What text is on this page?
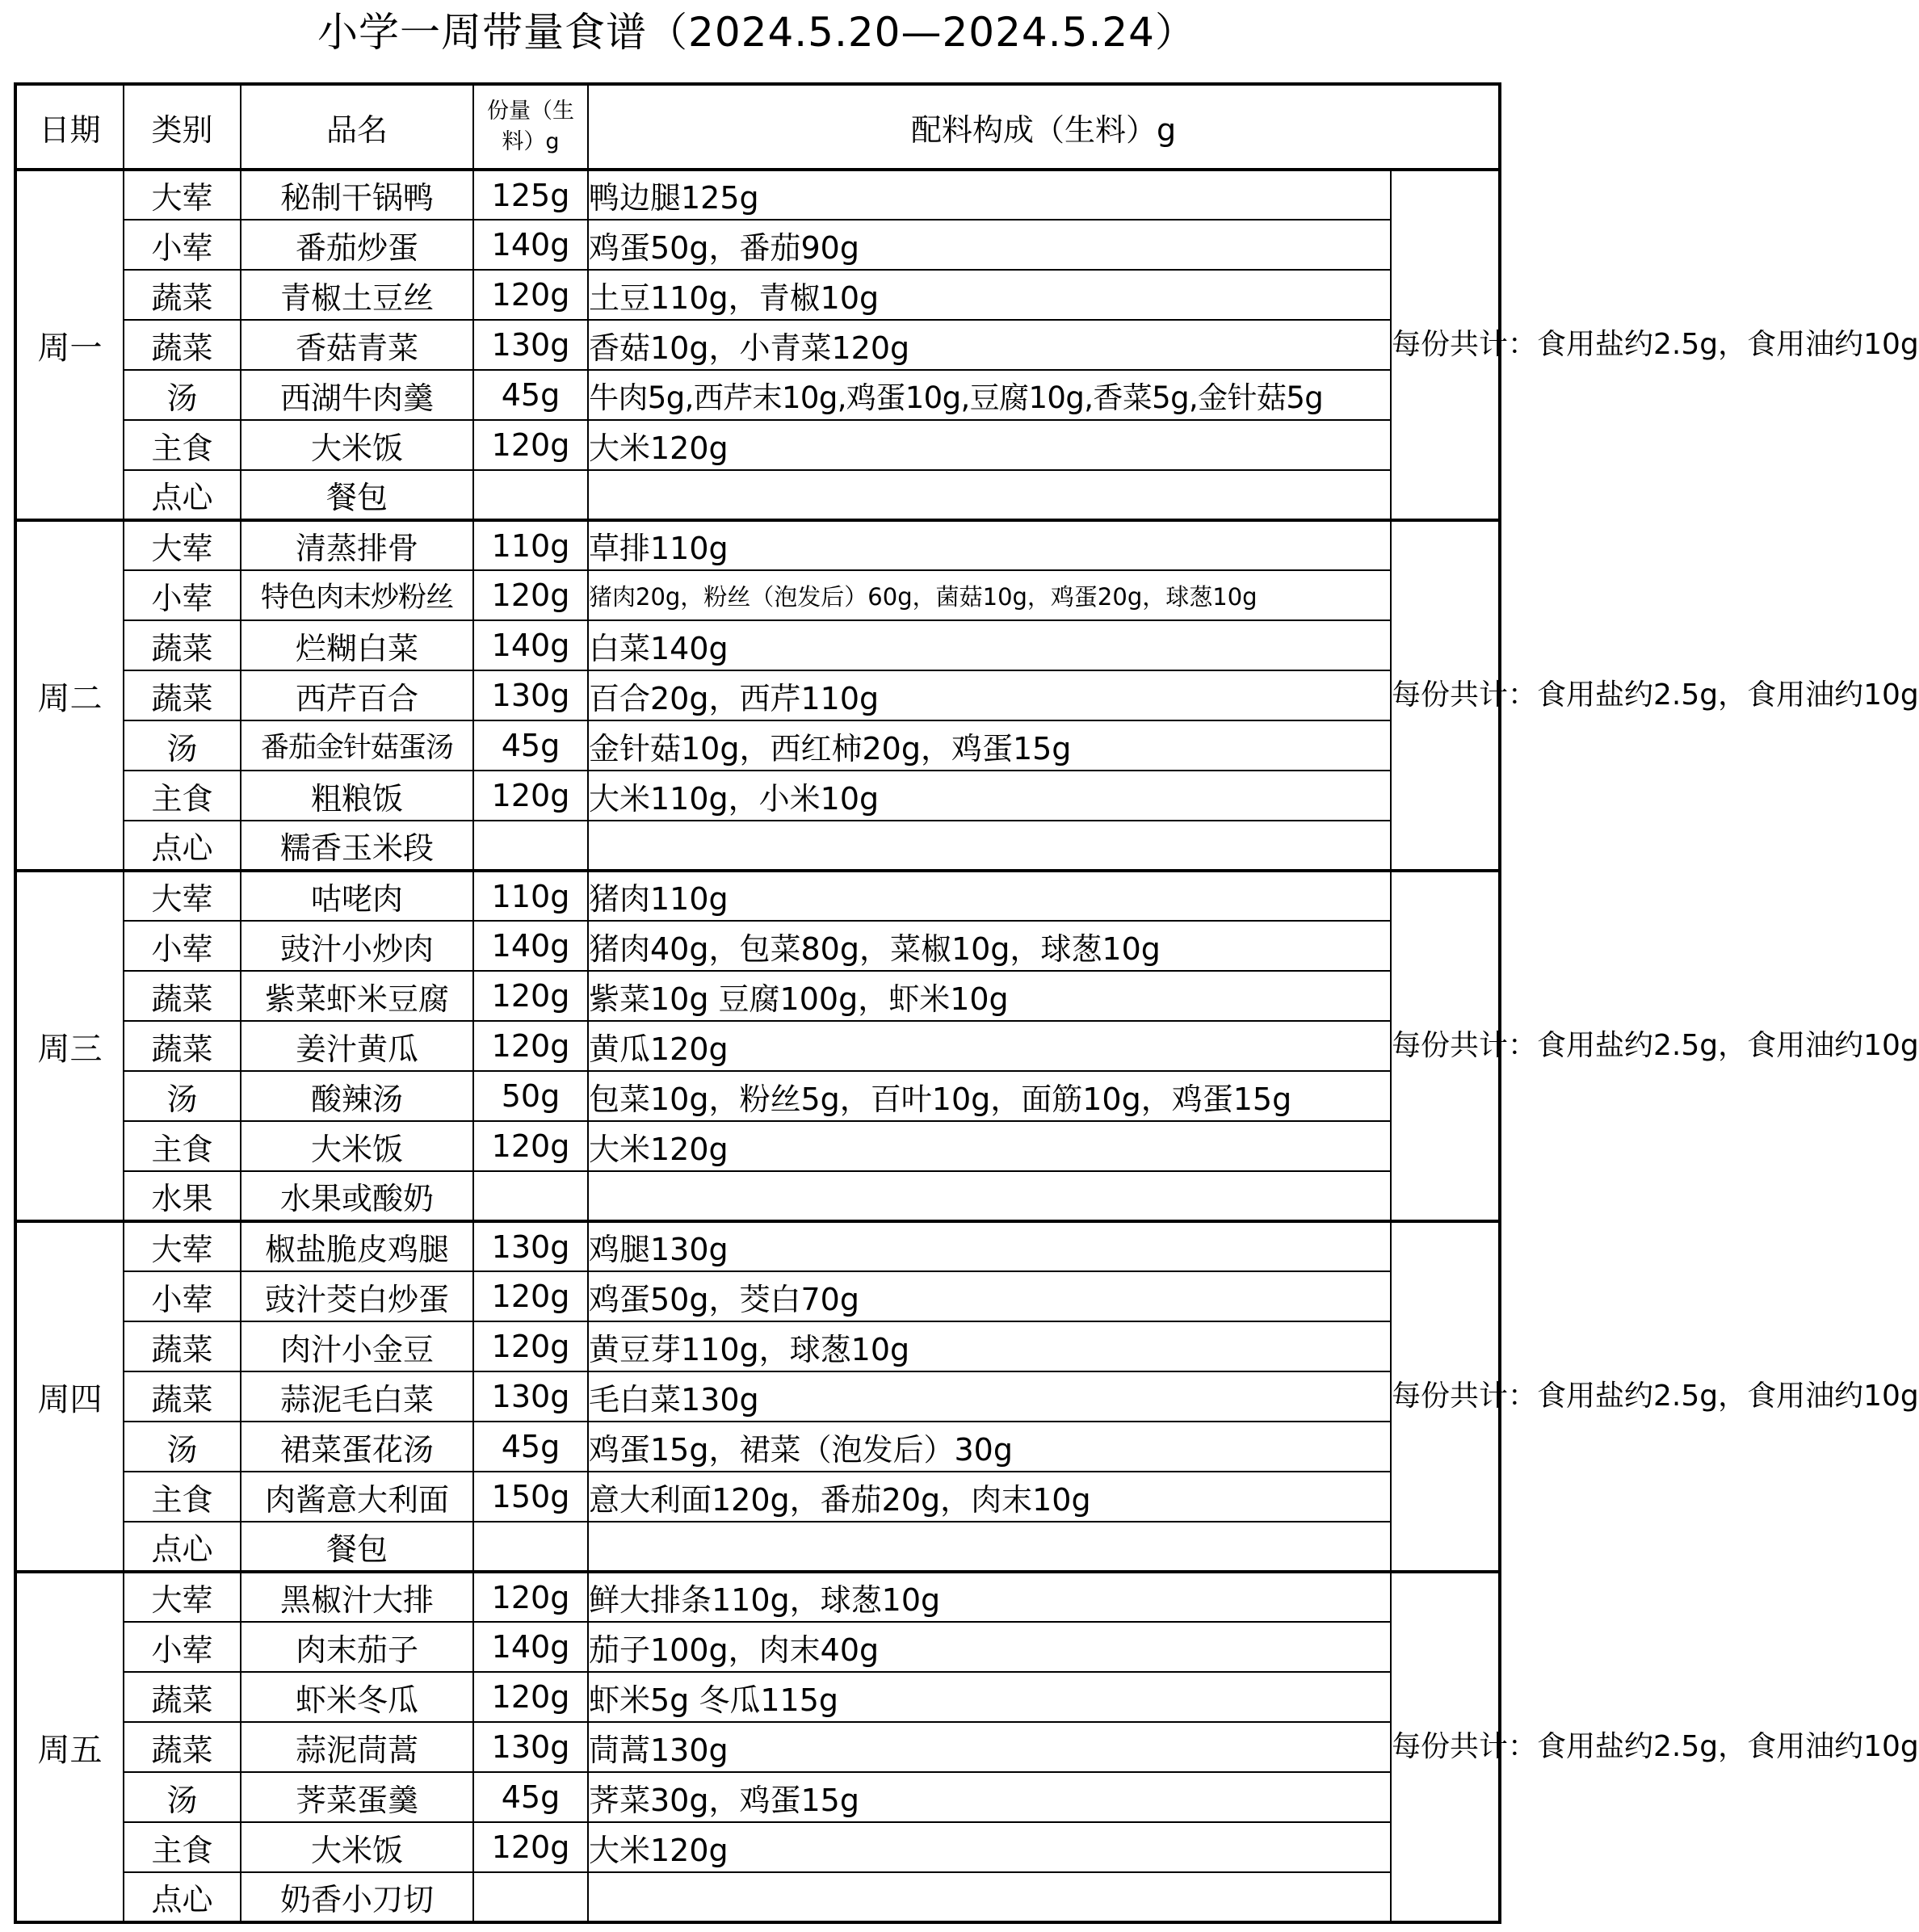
小学一周带量食谱（2024.5.20—2024.5.24）
日期	类别	品名	份量（生料）g	配料构成（生料）g	
周一	大荤	秘制干锅鸭	125g	鸭边腿125g	每份共计：食用盐约2.5g，食用油约10g
	小荤	番茄炒蛋	140g	鸡蛋50g，番茄90g	
	蔬菜	青椒土豆丝	120g	土豆110g，青椒10g	
	蔬菜	香菇青菜	130g	香菇10g，小青菜120g	
	汤	西湖牛肉羹	45g	牛肉5g,西芹末10g,鸡蛋10g,豆腐10g,香菜5g,金针菇5g	
	主食	大米饭	120g	大米120g	
	点心	餐包			
周二	大荤	清蒸排骨	110g	草排110g	每份共计：食用盐约2.5g，食用油约10g
	小荤	特色肉末炒粉丝	120g	猪肉20g，粉丝（泡发后）60g，菌菇10g，鸡蛋20g，球葱10g	
	蔬菜	烂糊白菜	140g	白菜140g	
	蔬菜	西芹百合	130g	百合20g，西芹110g	
	汤	番茄金针菇蛋汤	45g	金针菇10g，西红柿20g，鸡蛋15g	
	主食	粗粮饭	120g	大米110g，小米10g	
	点心	糯香玉米段			
周三	大荤	咕咾肉	110g	猪肉110g	每份共计：食用盐约2.5g，食用油约10g
	小荤	豉汁小炒肉	140g	猪肉40g，包菜80g，菜椒10g，球葱10g	
	蔬菜	紫菜虾米豆腐	120g	紫菜10g 豆腐100g，虾米10g	
	蔬菜	姜汁黄瓜	120g	黄瓜120g	
	汤	酸辣汤	50g	包菜10g，粉丝5g，百叶10g，面筋10g，鸡蛋15g	
	主食	大米饭	120g	大米120g	
	水果	水果或酸奶			
周四	大荤	椒盐脆皮鸡腿	130g	鸡腿130g	每份共计：食用盐约2.5g，食用油约10g
	小荤	豉汁茭白炒蛋	120g	鸡蛋50g，茭白70g	
	蔬菜	肉汁小金豆	120g	黄豆芽110g，球葱10g	
	蔬菜	蒜泥毛白菜	130g	毛白菜130g	
	汤	裙菜蛋花汤	45g	鸡蛋15g，裙菜（泡发后）30g	
	主食	肉酱意大利面	150g	意大利面120g，番茄20g，肉末10g	
	点心	餐包			
周五	大荤	黑椒汁大排	120g	鲜大排条110g，球葱10g	每份共计：食用盐约2.5g，食用油约10g
	小荤	肉末茄子	140g	茄子100g，肉末40g	
	蔬菜	虾米冬瓜	120g	虾米5g 冬瓜115g	
	蔬菜	蒜泥茼蒿	130g	茼蒿130g	
	汤	荠菜蛋羹	45g	荠菜30g，鸡蛋15g	
	主食	大米饭	120g	大米120g	
	点心	奶香小刀切			
